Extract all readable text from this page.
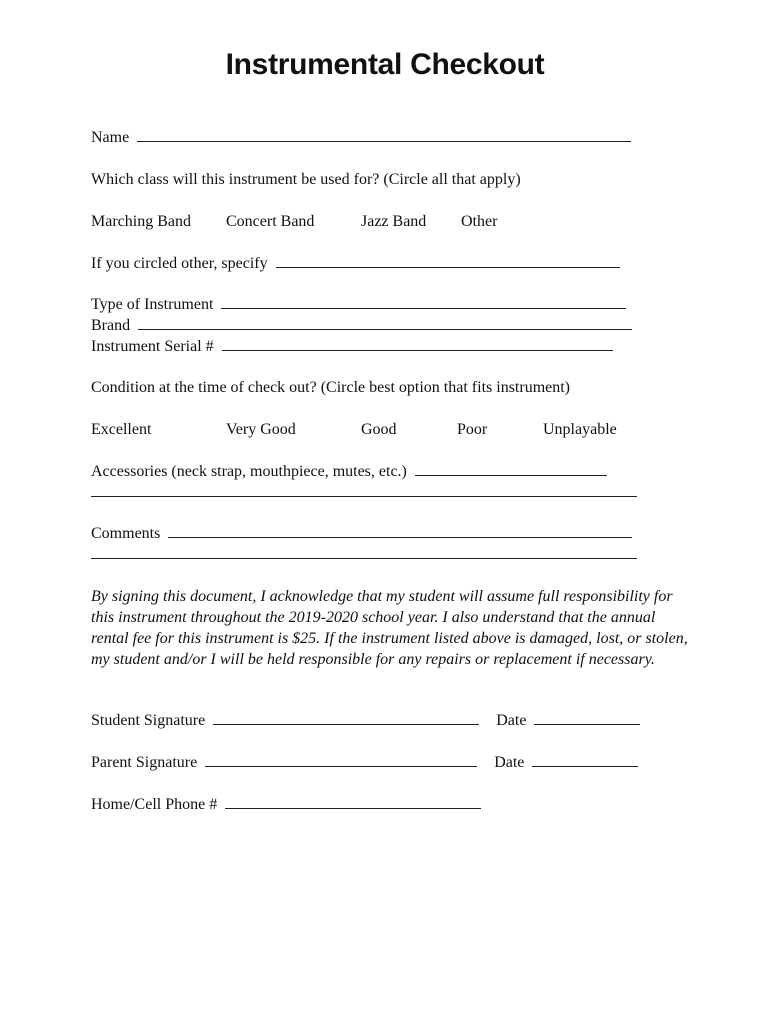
Instrumental Checkout
Name
Which class will this instrument be used for? (Circle all that apply)
Marching Band Concert Band	Jazz Band Other
If you circled other, specify
Type of Instrument
Brand
Instrument Serial #
Condition at the time of check out? (Circle best option that fits instrument)
Excellent	Very Good	Good	Poor	Unplayable
Accessories (neck strap, mouthpiece, mutes, etc.)
Comments
By signing this document, I acknowledge that my student will assume full responsibility for this instrument throughout the 2019-2020 school year. I also understand that the annual rental fee for this instrument is $25. If the instrument listed above is damaged, lost, or stolen, my student and/or I will be held responsible for any repairs or replacement if necessary.
Student Signature	Date
Parent Signature	Date
Home/Cell Phone #
